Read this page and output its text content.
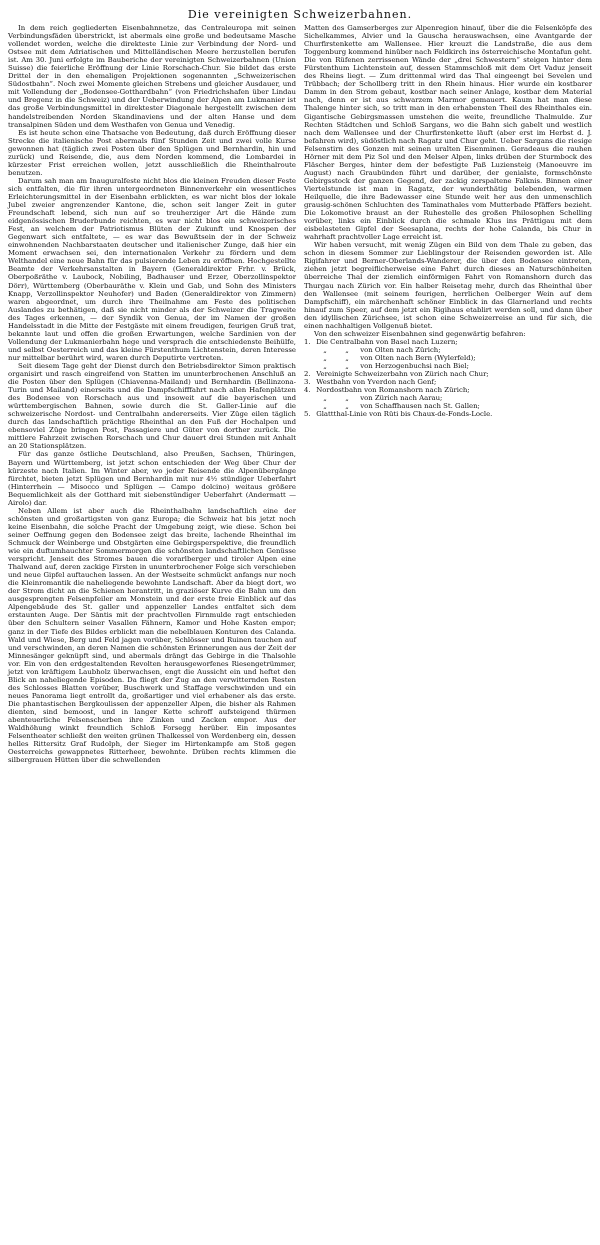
Die vereinigten Schweizerbahnen.

In dem reich gegliederten Eisenbahnnetze, das Centraleuropa mit seinen Verbindungsfäden überstrickt, ist abermals eine große und bedeutsame Masche vollendet worden, welche die direkteste Linie zur Verbindung der Nord- und Ostsee mit dem Adriatischen und Mittelländischen Meere herzustellen berufen ist. Am 30. Juni erfolgte im Bauberiche der vereinigten Schweizerbahnen (Union Suisse) die feierliche Eröffnung der Linie Rorschach-Chur. Sie bildet das erste Drittel der in den ehemaligen Projektionen sogenannten „Schweizerischen Südostbahn“. Noch zwei Momente gleichen Strebens und gleicher Ausdauer, und mit Vollendung der „Bodensee-Gotthardbahn“ (von Friedrichshafen über Lindau und Bregenz in die Schweiz) und der Ueberwindung der Alpen am Lukmanier ist das große Verbindungsmittel in direktester Diagonale hergestellt zwischen dem handelstreibenden Norden Skandinaviens und der alten Hanse und dem transalpinen Süden und dem Westhafen von Genua und Venedig.

Es ist heute schon eine Thatsache von Bedeutung, daß durch Eröffnung dieser Strecke die italienische Post abermals fünf Stunden Zeit und zwei volle Kurse gewonnen hat (täglich zwei Posten über den Splügen und Bernhardin, hin und zurück) und Reisende, die, aus dem Norden kommend, die Lombardei in kürzester Frist erreichen wollen, jetzt ausschließlich die Rheinthalroute benutzen.

Darum sah man am Inauguralfeste nicht blos die kleinen Freuden dieser Feste sich entfalten, die für ihren untergeordneten Binnenverkehr ein wesentliches Erleichterungsmittel in der Eisenbahn erblickten, es war nicht blos der lokale Jubel zweier angrenzender Kantone, die, schon seit langer Zeit in guter Freundschaft lebend, sich nun auf so treuherziger Art die Hände zum eidgenössischen Bruderbunde reichten, es war nicht blos ein schweizerisches Fest, an welchem der Patriotismus Blüten der Zukunft und Knospen der Gegenwart sich entfaltete, — es war das Bewußtsein der in der Schweiz einwohnenden Nachbarstaaten deutscher und italienischer Zunge, daß hier ein Moment erwachsen sei, den internationalen Verkehr zu fördern und dem Welthandel eine neue Bahn für das pulsierende Leben zu eröffnen. Hochgestellte Beamte der Verkehrsanstalten in Bayern (Generaldirektor Frhr. v. Brück, Oberpoßräthe v. Laubock, Nobiling, Badhauser und Erzer, Oberzollinspektor Dörr), Württemberg (Oberbauräthe v. Klein und Gab, und Sohn des Ministers Knapp, Verzollinspektor Neuhofer) und Baden (Generaldirektor von Zimmern) waren abgeordnet, um durch ihre Theilnahme am Feste des politischen Auslandes zu bethätigen, daß sie nicht minder als der Schweizer die Tragweite des Tages erkennen, — der Syndik von Genua, der im Namen der großen Handelsstadt in die Mitte der Festgäste mit einem freudigen, feurigen Gruß trat, bekannte laut und offen die großen Erwartungen, welche Sardinien von der Vollendung der Lukmanierbahn hege und versprach die entschiedenste Beihülfe, und selbst Oesterreich und das kleine Fürstenthum Lichtenstein, deren Interesse nur mittelbar berührt wird, waren durch Deputirte vertreten.

Seit diesem Tage geht der Dienst durch den Betriebsdirektor Simon praktisch organisirt und rasch eingreifend von Statten im ununterbrochenen Anschluß an die Posten über den Splügen (Chiavenna-Mailand) und Bernhardin (Bellinzona-Turin und Mailand) einerseits und die Dampfschifffahrt nach allen Hafenplätzen des Bodensee von Rorschach aus und insoweit auf die bayerischen und württembergischen Bahnen, sowie durch die St. Galler-Linie auf die schweizerische Nordost- und Centralbahn andererseits. Vier Züge eilen täglich durch das landschaftlich prächtige Rheinthal an den Fuß der Hochalpen und ebensoviel Züge bringen Post, Passagiere und Güter von dorther zurück. Die mittlere Fahrzeit zwischen Rorschach und Chur dauert drei Stunden mit Anhalt an 20 Stationsplätzen.

Für das ganze östliche Deutschland, also Preußen, Sachsen, Thüringen, Bayern und Württemberg, ist jetzt schon entschieden der Weg über Chur der kürzeste nach Italien. Im Winter aber, wo jeder Reisende die Alpenübergänge fürchtet, bieten jetzt Splügen und Bernhardin mit nur 4½ stündiger Ueberfahrt (Hinterrhein — Misocco und Splügen — Campo dolcino) weitaus größere Bequemlichkeit als der Gotthard mit siebenstündiger Ueberfahrt (Andermatt — Airolo) dar.

Neben Allem ist aber auch die Rheinthalbahn landschaftlich eine der schönsten und großartigsten von ganz Europa; die Schweiz hat bis jetzt noch keine Eisenbahn, die solche Pracht der Umgebung zeigt, wie diese. Schon bei seiner Oeffnung gegen den Bodensee zeigt das breite, lachende Rheinthal im Schmuck der Weinberge und Obstgärten eine Gebirgsperspektive, die freundlich wie ein duftumhauchter Sommermorgen die schönsten landschaftlichen Genüsse verspricht. Jenseit des Stromes bauen die vorarlberger und tiroler Alpen eine Thalwand auf, deren zackige Firsten in ununterbrochener Folge sich verschieben und neue Gipfel auftauchen lassen. An der Westseite schmückt anfangs nur noch die Kleinromantik die naheliegende bewohnte Landschaft. Aber da biegt dort, wo der Strom dicht an die Schienen herantritt, in graziöser Kurve die Bahn um den ausgesprengten Felsenpfeiler am Monstein und der erste freie Einblick auf das Alpengebäude des St. galler und appenzeller Landes entfaltet sich dem erstaunten Auge. Der Säntis mit der prachtvollen Firnmulde ragt entschieden über den Schultern seiner Vasallen Fähnern, Kamor und Hohe Kasten empor; ganz in der Tiefe des Bildes erblickt man die nebelblauen Konturen des Calanda. Wald und Wiese, Berg und Feld jagen vorüber, Schlösser und Ruinen tauchen auf und verschwinden, an deren Namen die schönsten Erinnerungen aus der Zeit der Minnesänger geknüpft sind, und abermals drängt das Gebirge in die Thalsohle vor. Ein von den erdgestaltenden Revolten herausgeworfenes Riesengetrümmer, jetzt von kräftigem Laubholz überwachsen, engt die Aussicht ein und heftet den Blick an naheliegende Episoden. Da fliegt der Zug an den verwitternden Resten des Schlosses Blatten vorüber, Buschwerk und Staffage verschwinden und ein neues Panorama liegt entrollt da, großartiger und viel erhabener als das erste. Die phantastischen Bergkoulissen der appenzeller Alpen, die bisher als Rahmen dienten, sind bemoost, und in langer Kette schroff aufsteigend thürmen abenteuerliche Felsenscherben ihre Zinken und Zacken empor. Aus der Waldhöhung winkt freundlich Schloß Forsegg herüber. Ein imposantes Felsentheater schließt den weiten grünen Thalkessel von Werdenberg ein, dessen helles Rittersitz Graf Rudolph, der Sieger im Hirtenkampfe am Stoß gegen Oesterreichs gewappnetes Ritterheer, bewohnte. Drüben rechts klimmen die silbergrauen Hütten über die schwellenden

Matten des Gamserberges zur Alpenregion hinauf, über die die Felsenköpfe des Sichelkammes, Alvier und la Gauscha herauswachsen, eine Avantgarde der Churfirstenkette am Wallensee. Hier kreuzt die Landstraße, die aus dem Toggenburg kommend hinüber nach Feldkirch ins österreichische Montafun geht. Die von Rüfenen zerrissenen Wände der „drei Schwestern“ steigen hinter dem Fürstenthum Lichtenstein auf, dessen Stammschloß mit dem Ort Vaduz jenseit des Rheins liegt. — Zum drittenmal wird das Thal eingeengt bei Sevelen und Trübbach; der Schollberg tritt in den Rhein hinaus. Hier wurde ein kostbarer Damm in den Strom gebaut, kostbar nach seiner Anlage, kostbar dem Material nach, denn er ist aus schwarzem Marmor gemauert. Kaum hat man diese Thalenge hinter sich, so tritt man in den erhabensten Theil des Rheinthales ein. Gigantische Gebirgsmassen umstehen die weite, freundliche Thalmulde. Zur Rechten Städtchen und Schloß Sargans, wo die Bahn sich gabelt und westlich nach dem Wallensee und der Churfirstenkette läuft (aber erst im Herbst d. J. befahren wird), südöstlich nach Ragatz und Chur geht. Ueber Sargans die riesige Felsenstirn des Gonzen mit seinen uralten Eisenminen. Geradeaus die rauhen Hörner mit dem Piz Sol und den Melser Alpen, links drüben der Sturmbock des Fläscher Berges, hinter dem der befestigte Paß Luziensteig (Manoeuvre im August) nach Graubünden führt und darüber, der genialste, formschönste Gebirgsstock der ganzen Gegend, der zackig zerspaltene Falknis. Binnen einer Viertelstunde ist man in Ragatz, der wunderthätig belebenden, warmen Heilquelle, die ihre Badewasser eine Stunde weit her aus den unmenschlich grausig-schönen Schluchten des Taminathales vom Mutterbade Pfäffers bezieht. Die Lokomotive braust an der Ruhestelle des großen Philosophen Schelling vorüber, links ein Einblick durch die schmale Klus ins Prättigau mit dem eisbelasteten Gipfel der Seesaplana, rechts der hohe Calanda, bis Chur in wahrhaft prachtvoller Lage erreicht ist.

Wir haben versucht, mit wenig Zügen ein Bild von dem Thale zu geben, das schon in diesem Sommer zur Lieblingstour der Reisenden geworden ist. Alle Rigifahrer und Berner-Oberlands-Wanderer, die über den Bodensee eintreten, ziehen jetzt begreiflicherweise eine Fahrt durch dieses an Naturschönheiten überreiche Thal der ziemlich einförmigen Fahrt von Romanshorn durch das Thurgau nach Zürich vor. Ein halber Reisetag mehr, durch das Rheinthal über den Wallensee (mit seinem feurigen, herrlichen Oelberger Wein auf dem Dampfschiff), ein märchenhaft schöner Einblick in das Glarnerland und rechts hinauf zum Speer, auf dem jetzt ein Rigihaus etablirt werden soll, und dann über den idyllischen Zürichsee, ist schon eine Schweizerreise an und für sich, die einen nachhaltigen Vollgenuß bietet.

Von den schweizer Eisenbahnen sind gegenwärtig befahren:

1. Die Centralbahn von Basel nach Luzern;
„	„ von Olten nach Zürich;
„	„ von Olten nach Bern (Wylerfeld);
„	„ von Herzogenbuchsi nach Biel;
2. Vereinigte Schweizerbahn von Zürich nach Chur;
3. Westbahn von Yverdon nach Genf;
4. Nordostbahn von Romanshorn nach Zürich;
„	„ von Zürich nach Aarau;
„	„ von Schaffhausen nach St. Gallen;
5. Glattthal-Linie von Rüti bis Chaux-de-Fonds-Locle.
